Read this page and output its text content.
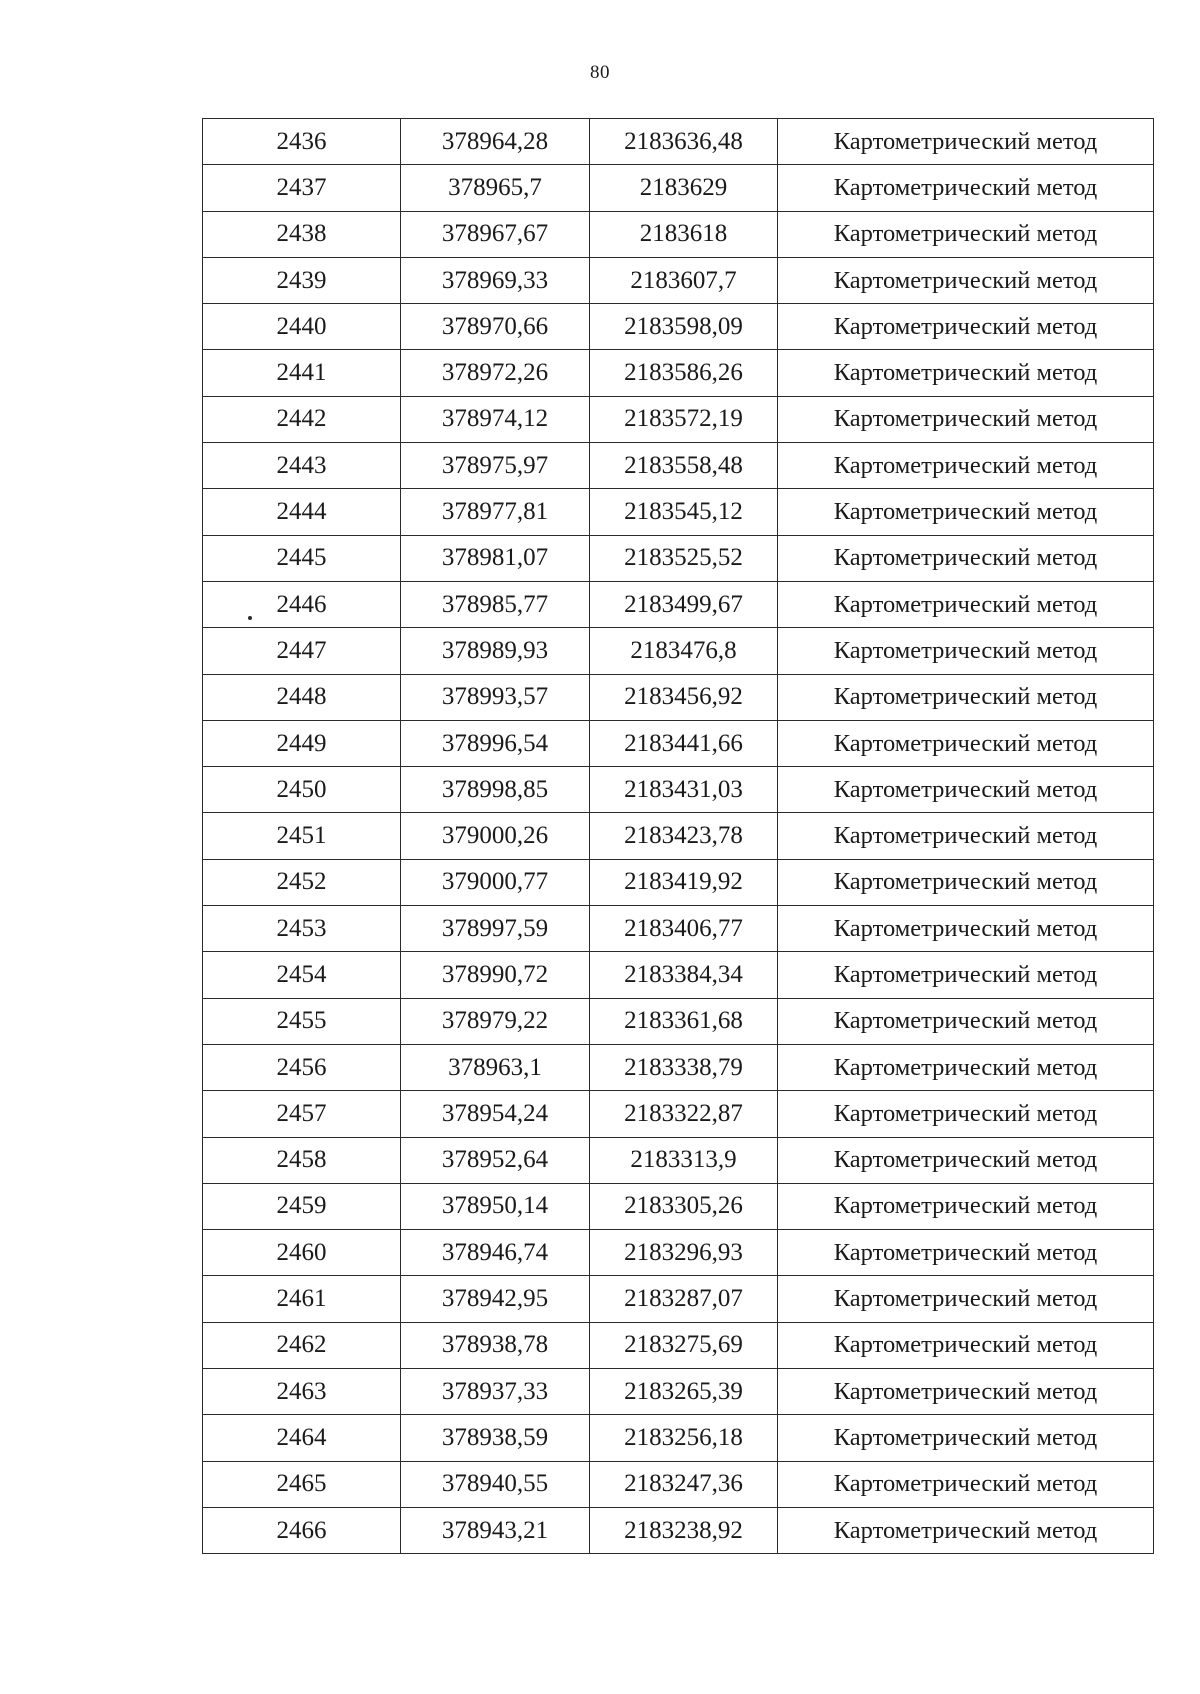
80
2436	378964,28	2183636,48	Картометрический метод
2437	378965,7	2183629	Картометрический метод
2438	378967,67	2183618	Картометрический метод
2439	378969,33	2183607,7	Картометрический метод
2440	378970,66	2183598,09	Картометрический метод
2441	378972,26	2183586,26	Картометрический метод
2442	378974,12	2183572,19	Картометрический метод
2443	378975,97	2183558,48	Картометрический метод
2444	378977,81	2183545,12	Картометрический метод
2445	378981,07	2183525,52	Картометрический метод
2446	378985,77	2183499,67	Картометрический метод
2447	378989,93	2183476,8	Картометрический метод
2448	378993,57	2183456,92	Картометрический метод
2449	378996,54	2183441,66	Картометрический метод
2450	378998,85	2183431,03	Картометрический метод
2451	379000,26	2183423,78	Картометрический метод
2452	379000,77	2183419,92	Картометрический метод
2453	378997,59	2183406,77	Картометрический метод
2454	378990,72	2183384,34	Картометрический метод
2455	378979,22	2183361,68	Картометрический метод
2456	378963,1	2183338,79	Картометрический метод
2457	378954,24	2183322,87	Картометрический метод
2458	378952,64	2183313,9	Картометрический метод
2459	378950,14	2183305,26	Картометрический метод
2460	378946,74	2183296,93	Картометрический метод
2461	378942,95	2183287,07	Картометрический метод
2462	378938,78	2183275,69	Картометрический метод
2463	378937,33	2183265,39	Картометрический метод
2464	378938,59	2183256,18	Картометрический метод
2465	378940,55	2183247,36	Картометрический метод
2466	378943,21	2183238,92	Картометрический метод
